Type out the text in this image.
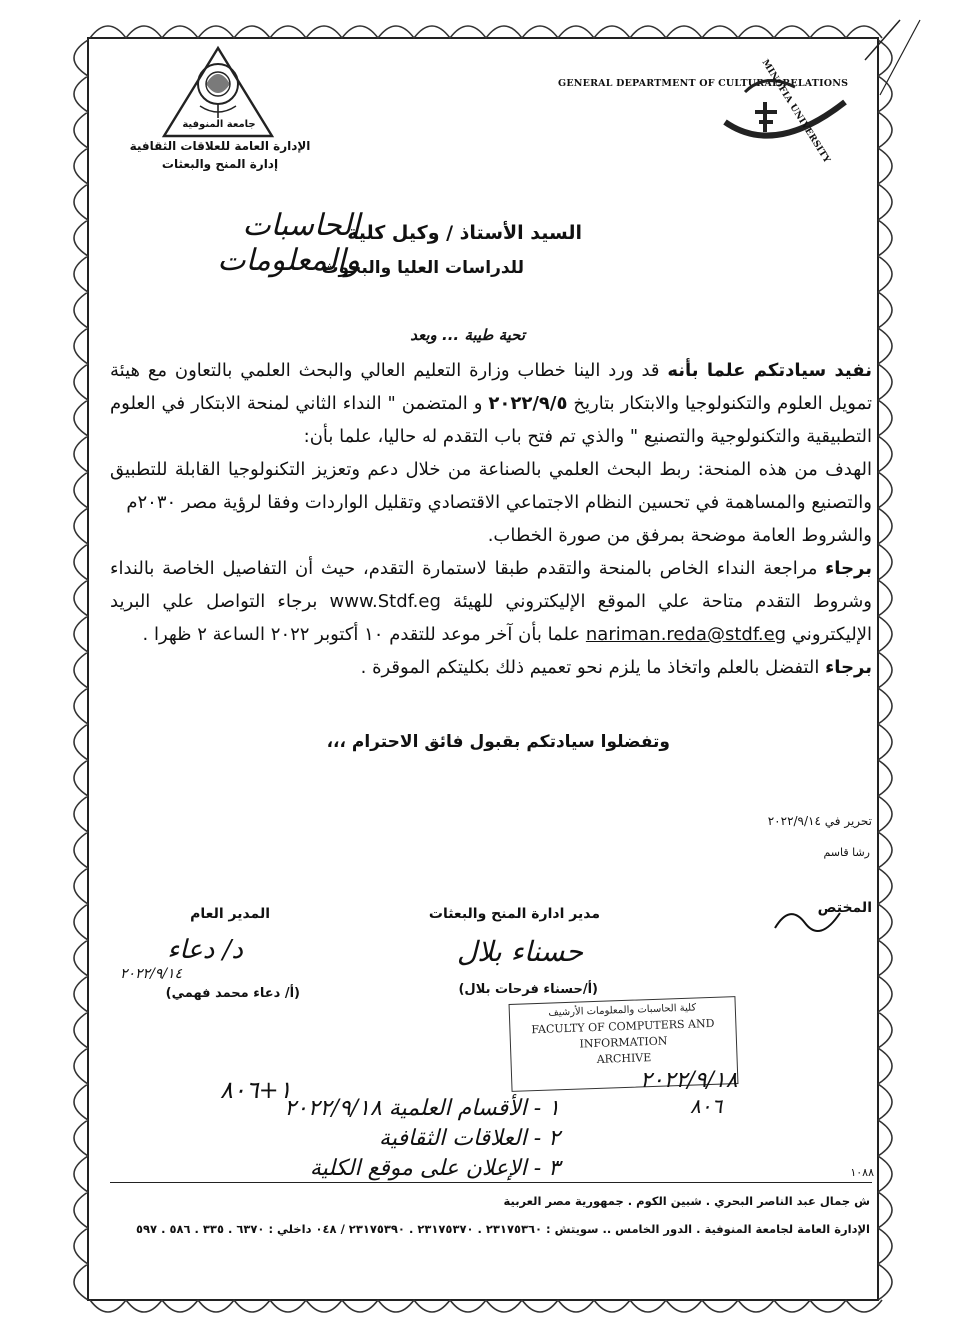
جامعة المنوفية
الإدارة العامة للعلاقات الثقافية
إدارة المنح والبعثات
GENERAL DEPARTMENT OF CULTURAL RELATIONS
MINOFIA UNIVERSITY
السيد الأستاذ / وكيل كلية
الحاسبات والمعلومات
للدراسات العليا والبحوث
تحية طيبة ... وبعد
نفيد سيادتكم علما بأنه قد ورد الينا خطاب وزارة التعليم العالي والبحث العلمي بالتعاون مع هيئة تمويل العلوم والتكنولوجيا والابتكار بتاريخ ٢٠٢٢/٩/٥ و المتضمن " النداء الثاني لمنحة الابتكار في العلوم التطبيقية والتكنولوجية والتصنيع " والذي تم فتح باب التقدم له حاليا، علما بأن:
الهدف من هذه المنحة: ربط البحث العلمي بالصناعة من خلال دعم وتعزيز التكنولوجيا القابلة للتطبيق والتصنيع والمساهمة في تحسين النظام الاجتماعي الاقتصادي وتقليل الواردات وفقا لرؤية مصر ٢٠٣٠م
والشروط العامة موضحة بمرفق من صورة الخطاب.
برجاء مراجعة النداء الخاص بالمنحة والتقدم طبقا لاستمارة التقدم، حيث أن التفاصيل الخاصة بالنداء وشروط التقدم متاحة علي الموقع الإليكتروني للهيئة www.Stdf.eg برجاء التواصل علي البريد الإليكتروني nariman.reda@stdf.eg علما بأن آخر موعد للتقدم ١٠ أكتوبر ٢٠٢٢ الساعة ٢ ظهرا .
برجاء التفضل بالعلم واتخاذ ما يلزم نحو تعميم ذلك بكليتكم الموقرة .
وتفضلوا سيادتكم بقبول فائق الاحترام ،،،
تحرير في ٢٠٢٢/٩/١٤
رشا قاسم
المختص
مدير ادارة المنح والبعثات
حسناء بلال
(أ/حسناء فرحات بلال)
المدير العام
د/ دعاء
٢٠٢٢/٩/١٤
(أ/ دعاء محمد فهمي)
كلية الحاسبات والمعلومات الأرشيف
FACULTY OF COMPUTERS AND
INFORMATION
ARCHIVE
٢٠٢٢/٩/١٨
٨٠٦
١+٨٠٦
١ - الأقسام العلمية ٢٠٢٢/٩/١٨
٢ - العلاقات الثقافية
٣ - الإعلان على موقع الكلية	١٠٨٨
ش جمال عبد الناصر البحري . شبين الكوم . جمهورية مصر العربية
الإدارة العامة لجامعة المنوفية . الدور الخامس .. سويتش : ٢٣١٧٥٣٦٠ . ٢٣١٧٥٣٧٠ . ٢٣١٧٥٣٩٠ / ٠٤٨ داخلي : ٦٣٧٠ . ٣٣٥ . ٥٨٦ . ٥٩٧
